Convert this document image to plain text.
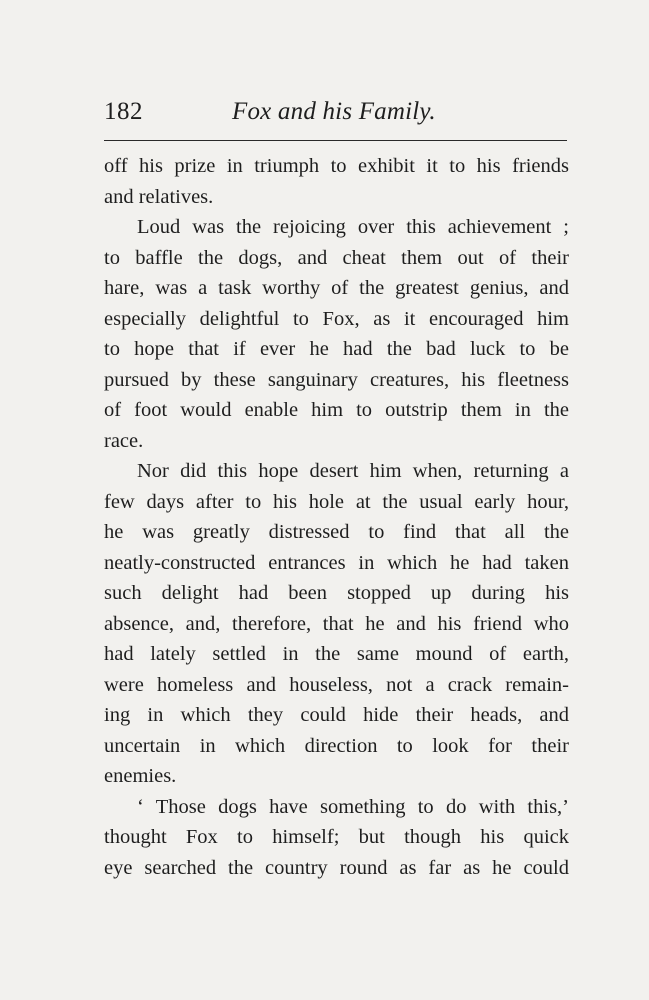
182	Fox and his Family.
off his prize in triumph to exhibit it to his friends
and relatives.
Loud was the rejoicing over this achievement ;
to baffle the dogs, and cheat them out of their
hare, was a task worthy of the greatest genius, and
especially delightful to Fox, as it encouraged him
to hope that if ever he had the bad luck to be
pursued by these sanguinary creatures, his fleetness
of foot would enable him to outstrip them in the
race.
Nor did this hope desert him when, returning a
few days after to his hole at the usual early hour,
he was greatly distressed to find that all the
neatly-constructed entrances in which he had taken
such delight had been stopped up during his
absence, and, therefore, that he and his friend who
had lately settled in the same mound of earth,
were homeless and houseless, not a crack remain-
ing in which they could hide their heads, and
uncertain in which direction to look for their
enemies.
‘ Those dogs have something to do with this,’
thought Fox to himself; but though his quick
eye searched the country round as far as he could
